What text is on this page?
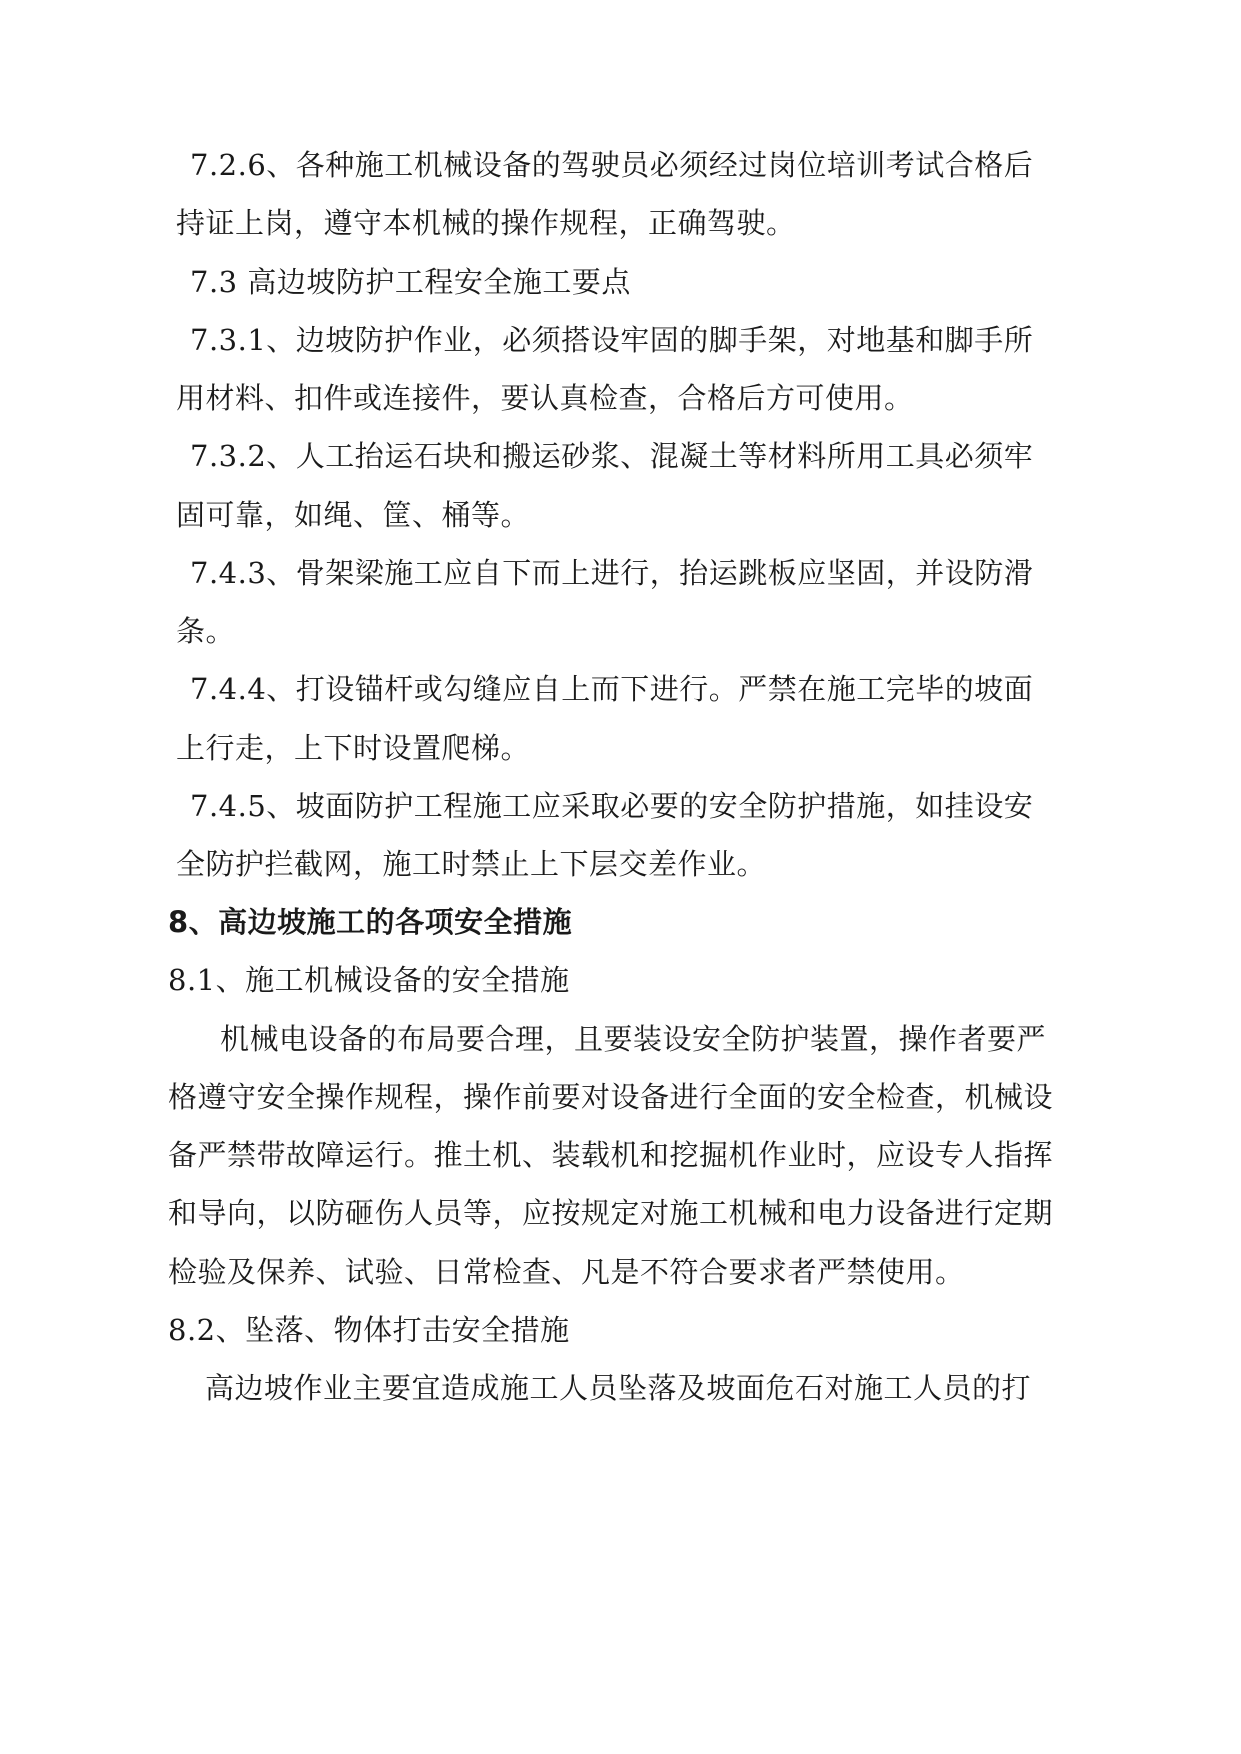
7.2.6、各种施工机械设备的驾驶员必须经过岗位培训考试合格后
持证上岗，遵守本机械的操作规程，正确驾驶。
7.3 高边坡防护工程安全施工要点
7.3.1、边坡防护作业，必须搭设牢固的脚手架，对地基和脚手所
用材料、扣件或连接件，要认真检查，合格后方可使用。
7.3.2、人工抬运石块和搬运砂浆、混凝土等材料所用工具必须牢
固可靠，如绳、筐、桶等。
7.4.3、骨架梁施工应自下而上进行，抬运跳板应坚固，并设防滑
条。
7.4.4、打设锚杆或勾缝应自上而下进行。严禁在施工完毕的坡面
上行走，上下时设置爬梯。
7.4.5、坡面防护工程施工应采取必要的安全防护措施，如挂设安
全防护拦截网，施工时禁止上下层交差作业。
8、高边坡施工的各项安全措施
8.1、施工机械设备的安全措施
机械电设备的布局要合理，且要装设安全防护装置，操作者要严
格遵守安全操作规程，操作前要对设备进行全面的安全检查，机械设
备严禁带故障运行。推土机、装载机和挖掘机作业时，应设专人指挥
和导向，以防砸伤人员等，应按规定对施工机械和电力设备进行定期
检验及保养、试验、日常检查、凡是不符合要求者严禁使用。
8.2、坠落、物体打击安全措施
高边坡作业主要宜造成施工人员坠落及坡面危石对施工人员的打
